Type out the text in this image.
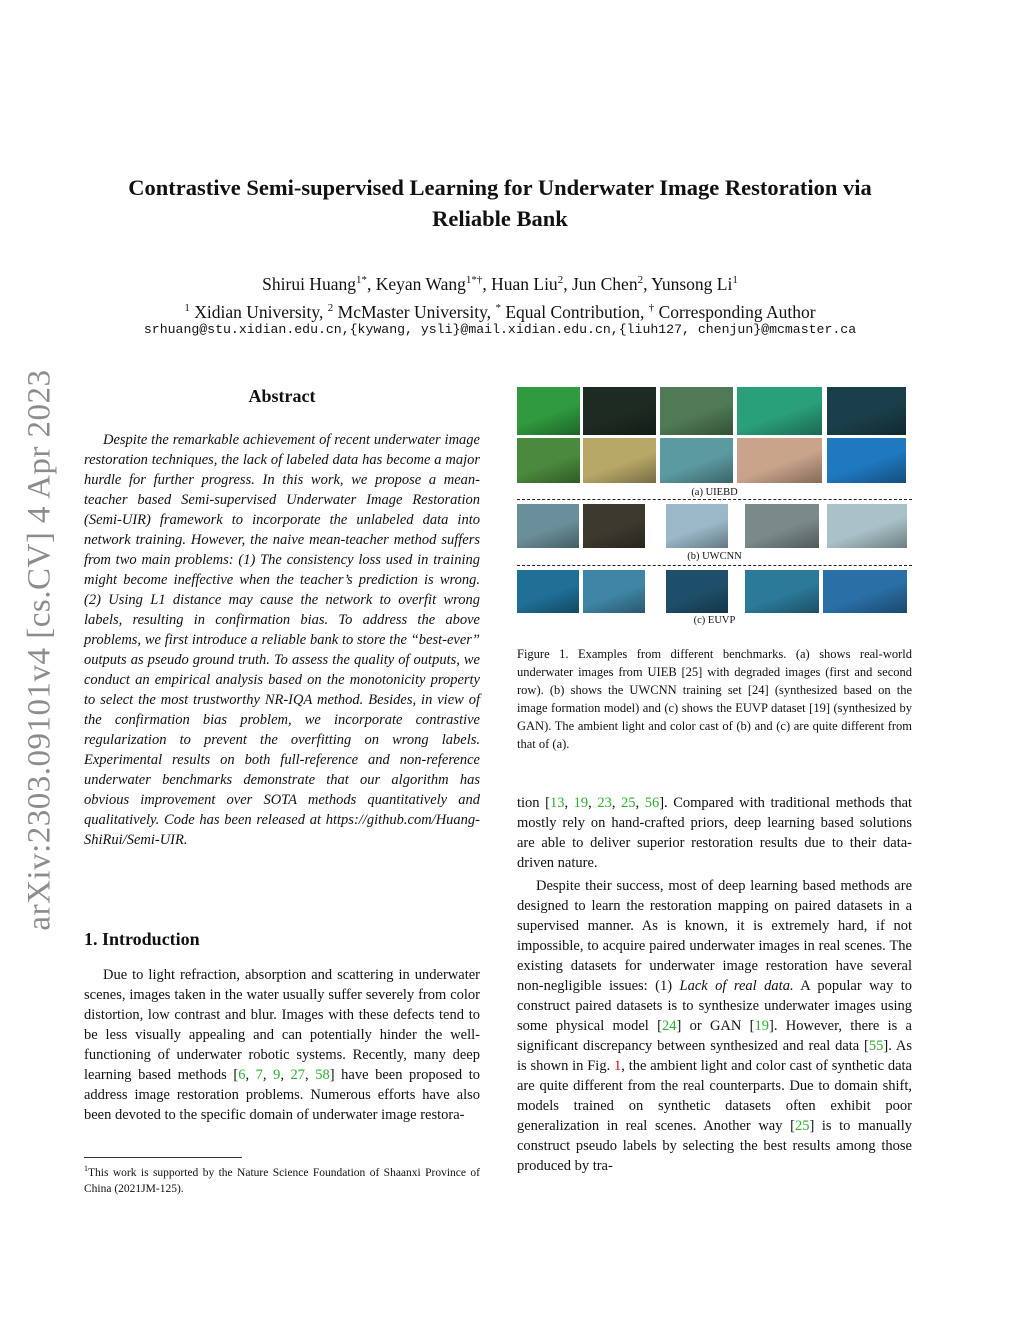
arXiv:2303.09101v4 [cs.CV] 4 Apr 2023
Contrastive Semi-supervised Learning for Underwater Image Restoration via Reliable Bank
Shirui Huang$^{1*}$, Keyan Wang$^{1*\dagger}$, Huan Liu$^2$, Jun Chen$^2$, Yunsong Li$^1$
$^1$ Xidian University, $^2$ McMaster University, * Equal Contribution, † Corresponding Author
srhuang@stu.xidian.edu.cn,{kywang, ysli}@mail.xidian.edu.cn,{liuh127, chenjun}@mcmaster.ca
Abstract

Despite the remarkable achievement of recent underwater image restoration techniques, the lack of labeled data has become a major hurdle for further progress. In this work, we propose a mean-teacher based Semi-supervised Underwater Image Restoration (Semi-UIR) framework to incorporate the unlabeled data into network training. However, the naive mean-teacher method suffers from two main problems: (1) The consistency loss used in training might become ineffective when the teacher’s prediction is wrong. (2) Using L1 distance may cause the network to overfit wrong labels, resulting in confirmation bias. To address the above problems, we first introduce a reliable bank to store the “best-ever” outputs as pseudo ground truth. To assess the quality of outputs, we conduct an empirical analysis based on the monotonicity property to select the most trustworthy NR-IQA method. Besides, in view of the confirmation bias problem, we incorporate contrastive regularization to prevent the overfitting on wrong labels. Experimental results on both full-reference and non-reference underwater benchmarks demonstrate that our algorithm has obvious improvement over SOTA methods quantitatively and qualitatively. Code has been released at https://github.com/Huang-ShiRui/Semi-UIR.

1. Introduction

Due to light refraction, absorption and scattering in underwater scenes, images taken in the water usually suffer severely from color distortion, low contrast and blur. Images with these defects tend to be less visually appealing and can potentially hinder the well-functioning of underwater robotic systems. Recently, many deep learning based methods [6, 7, 9, 27, 58] have been proposed to address image restoration problems. Numerous efforts have also been devoted to the specific domain of underwater image restora-

$^1$This work is supported by the Nature Science Foundation of Shaanxi Province of China (2021JM-125).
(a) UIEBD
(b) UWCNN
(c) EUVP
Figure 1. Examples from different benchmarks. (a) shows real-world underwater images from UIEB [25] with degraded images (first and second row). (b) shows the UWCNN training set [24] (synthesized based on the image formation model) and (c) shows the EUVP dataset [19] (synthesized by GAN). The ambient light and color cast of (b) and (c) are quite different from that of (a).

tion [13, 19, 23, 25, 56]. Compared with traditional methods that mostly rely on hand-crafted priors, deep learning based solutions are able to deliver superior restoration results due to their data-driven nature.

Despite their success, most of deep learning based methods are designed to learn the restoration mapping on paired datasets in a supervised manner. As is known, it is extremely hard, if not impossible, to acquire paired underwater images in real scenes. The existing datasets for underwater image restoration have several non-negligible issues: (1) Lack of real data. A popular way to construct paired datasets is to synthesize underwater images using some physical model [24] or GAN [19]. However, there is a significant discrepancy between synthesized and real data [55]. As is shown in Fig. 1, the ambient light and color cast of synthetic data are quite different from the real counterparts. Due to domain shift, models trained on synthetic datasets often exhibit poor generalization in real scenes. Another way [25] is to manually construct pseudo labels by selecting the best results among those produced by tra-
